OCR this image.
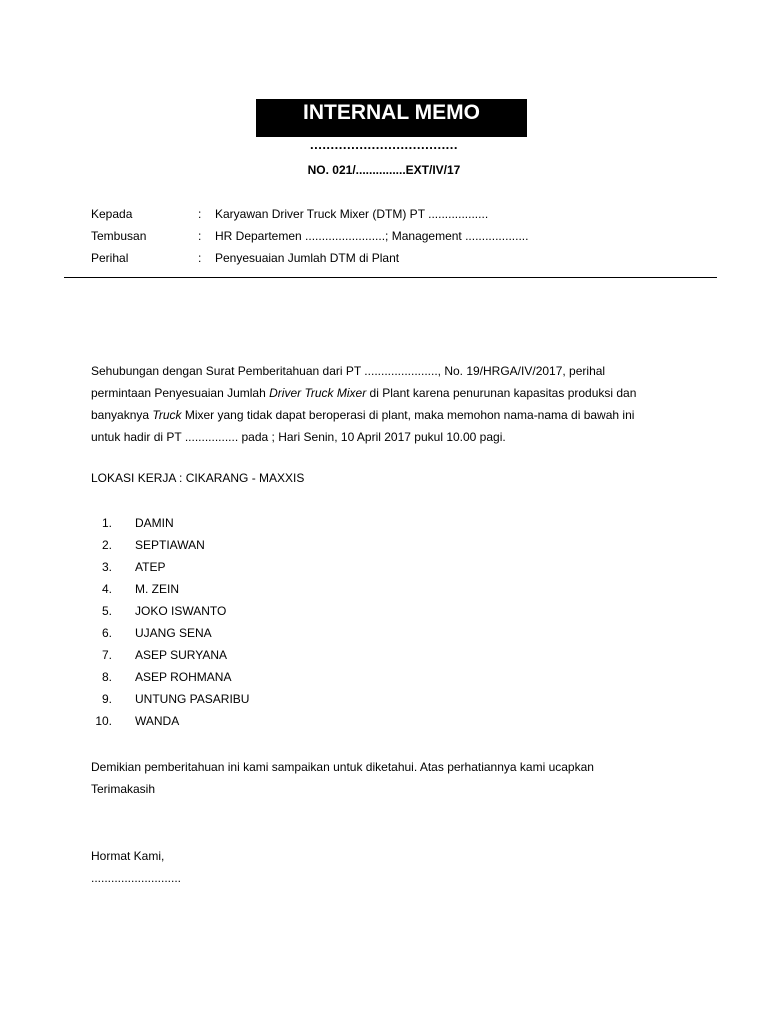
INTERNAL MEMO
....................................
NO. 021/...............EXT/IV/17
Kepada	: Karyawan Driver Truck Mixer (DTM) PT ..................
Tembusan	: HR Departemen ........................; Management ...................
Perihal	: Penyesuaian Jumlah DTM di Plant

Sehubungan dengan Surat Pemberitahuan dari PT ......................, No. 19/HRGA/IV/2017, perihal

permintaan Penyesuaian Jumlah Driver Truck Mixer di Plant karena penurunan kapasitas produksi dan

banyaknya Truck Mixer yang tidak dapat beroperasi di plant, maka memohon nama-nama di bawah ini

untuk hadir di PT ................ pada ; Hari Senin, 10 April 2017 pukul 10.00 pagi.

LOKASI KERJA : CIKARANG - MAXXIS
1. DAMIN
2. SEPTIAWAN
3. ATEP
4. M. ZEIN
5. JOKO ISWANTO
6. UJANG SENA
7. ASEP SURYANA
8. ASEP ROHMANA
9. UNTUNG PASARIBU
10. WANDA

Demikian pemberitahuan ini kami sampaikan untuk diketahui. Atas perhatiannya kami ucapkan

Terimakasih

Hormat Kami,

...........................
